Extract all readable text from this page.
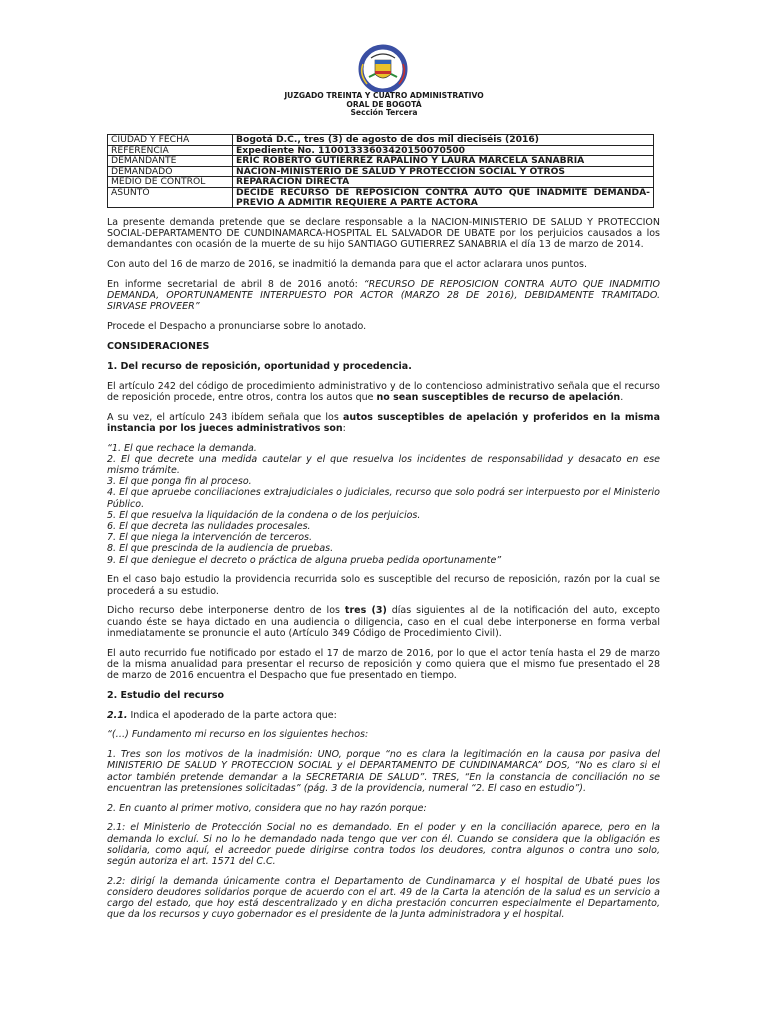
JUZGADO TREINTA Y CUATRO ADMINISTRATIVO
ORAL DE BOGOTÁ
Sección Tercera
CIUDAD Y FECHA	Bogotá D.C., tres (3) de agosto de dos mil dieciséis (2016)
REFERENCIA	Expediente No. 11001333603420150070500
DEMANDANTE	ERIC ROBERTO GUTIERREZ RAPALINO Y LAURA MARCELA SANABRIA
DEMANDADO	NACION-MINISTERIO DE SALUD Y PROTECCION SOCIAL Y OTROS
MEDIO DE CONTROL	REPARACION DIRECTA
ASUNTO	DECIDE RECURSO DE REPOSICION CONTRA AUTO QUE INADMITE DEMANDA- PREVIO A ADMITIR REQUIERE A PARTE ACTORA

La presente demanda pretende que se declare responsable a la NACION-MINISTERIO DE SALUD Y PROTECCION SOCIAL-DEPARTAMENTO DE CUNDINAMARCA-HOSPITAL EL SALVADOR DE UBATE por los perjuicios causados a los demandantes con ocasión de la muerte de su hijo SANTIAGO GUTIERREZ SANABRIA el día 13 de marzo de 2014.

Con auto del 16 de marzo de 2016, se inadmitió la demanda para que el actor aclarara unos puntos.

En informe secretarial de abril 8 de 2016 anotó: “RECURSO DE REPOSICION CONTRA AUTO QUE INADMITIO DEMANDA, OPORTUNAMENTE INTERPUESTO POR ACTOR (MARZO 28 DE 2016), DEBIDAMENTE TRAMITADO. SIRVASE PROVEER”

Procede el Despacho a pronunciarse sobre lo anotado.

CONSIDERACIONES

1. Del recurso de reposición, oportunidad y procedencia.

El artículo 242 del código de procedimiento administrativo y de lo contencioso administrativo señala que el recurso de reposición procede, entre otros, contra los autos que no sean susceptibles de recurso de apelación.

A su vez, el artículo 243 ibídem señala que los autos susceptibles de apelación y proferidos en la misma instancia por los jueces administrativos son:

“1. El que rechace la demanda.

2. El que decrete una medida cautelar y el que resuelva los incidentes de responsabilidad y desacato en ese mismo trámite.

3. El que ponga fin al proceso.

4. El que apruebe conciliaciones extrajudiciales o judiciales, recurso que solo podrá ser interpuesto por el Ministerio Público.

5. El que resuelva la liquidación de la condena o de los perjuicios.

6. El que decreta las nulidades procesales.

7. El que niega la intervención de terceros.

8. El que prescinda de la audiencia de pruebas.

9. El que deniegue el decreto o práctica de alguna prueba pedida oportunamente”

En el caso bajo estudio la providencia recurrida solo es susceptible del recurso de reposición, razón por la cual se procederá a su estudio.

Dicho recurso debe interponerse dentro de los tres (3) días siguientes al de la notificación del auto, excepto cuando éste se haya dictado en una audiencia o diligencia, caso en el cual debe interponerse en forma verbal inmediatamente se pronuncie el auto (Artículo 349 Código de Procedimiento Civil).

El auto recurrido fue notificado por estado el 17 de marzo de 2016, por lo que el actor tenía hasta el 29 de marzo de la misma anualidad para presentar el recurso de reposición y como quiera que el mismo fue presentado el 28 de marzo de 2016 encuentra el Despacho que fue presentado en tiempo.

2. Estudio del recurso

2.1. Indica el apoderado de la parte actora que:

“(…) Fundamento mi recurso en los siguientes hechos:

1. Tres son los motivos de la inadmisión: UNO, porque “no es clara la legitimación en la causa por pasiva del MINISTERIO DE SALUD Y PROTECCION SOCIAL y el DEPARTAMENTO DE CUNDINAMARCA” DOS, “No es claro si el actor también pretende demandar a la SECRETARIA DE SALUD”. TRES, “En la constancia de conciliación no se encuentran las pretensiones solicitadas” (pág. 3 de la providencia, numeral “2. El caso en estudio”).

2. En cuanto al primer motivo, considera que no hay razón porque:

2.1: el Ministerio de Protección Social no es demandado. En el poder y en la conciliación aparece, pero en la demanda lo excluí. Si no lo he demandado nada tengo que ver con él. Cuando se considera que la obligación es solidaria, como aquí, el acreedor puede dirigirse contra todos los deudores, contra algunos o contra uno solo, según autoriza el art. 1571 del C.C.

2.2: dirigí la demanda únicamente contra el Departamento de Cundinamarca y el hospital de Ubaté pues los considero deudores solidarios porque de acuerdo con el art. 49 de la Carta la atención de la salud es un servicio a cargo del estado, que hoy está descentralizado y en dicha prestación concurren especialmente el Departamento, que da los recursos y cuyo gobernador es el presidente de la Junta administradora y el hospital.
